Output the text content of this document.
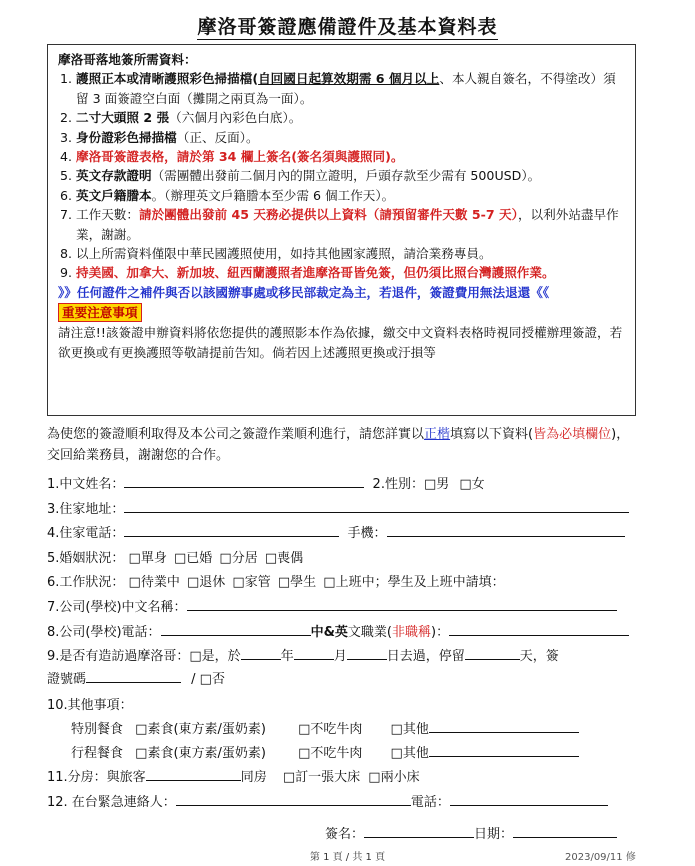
摩洛哥簽證應備證件及基本資料表
摩洛哥落地簽所需資料：
1. 護照正本或清晰護照彩色掃描檔(自回國日起算效期需 6 個月以上、本人親自簽名，不得塗改）須留 3 面簽證空白面（攤開之兩頁為一面）。
2. 二寸大頭照 2 張（六個月內彩色白底）。
3. 身份證彩色掃描檔（正、反面）。
4. 摩洛哥簽證表格，請於第 34 欄上簽名(簽名須與護照同)。
5. 英文存款證明（需團體出發前二個月內的開立證明，戶頭存款至少需有 500USD）。
6. 英文戶籍謄本。（辦理英文戶籍謄本至少需 6 個工作天）。
7. 工作天數：請於團體出發前 45 天務必提供以上資料（請預留審件天數 5-7 天），以利外站盡早作業，謝謝。
8. 以上所需資料僅限中華民國護照使用，如持其他國家護照，請洽業務專員。
9. 持美國、加拿大、新加坡、紐西蘭護照者進摩洛哥皆免簽，但仍須比照台灣護照作業。
》》任何證件之補件與否以該國辦事處或移民部裁定為主，若退件，簽證費用無法退還《《
重要注意事項
請注意!!該簽證申辦資料將依您提供的護照影本作為依據，繳交中文資料表格時視同授權辦理簽證，若欲更換或有更換護照等敬請提前告知。倘若因上述護照更換或汙損等
為使您的簽證順利取得及本公司之簽證作業順利進行，請您詳實以正楷填寫以下資料(皆為必填欄位)，交回給業務員，謝謝您的合作。
1.中文姓名：	2.性別：□男 □女
3.住家地址：
4.住家電話：	手機：
5.婚姻狀況： □單身 □已婚 □分居 □喪偶
6.工作狀況： □待業中 □退休 □家管 □學生 □上班中；學生及上班中請填：
7.公司(學校)中文名稱：
8.公司(學校)電話：	中&英文職業(非職稱)：
9.是否有造訪過摩洛哥：□是，於	年	月	日去過，停留	天，簽
證號碼	/ □否
10.其他事項：
特別餐食 □素食(東方素/蛋奶素) □不吃牛肉 □其他
行程餐食 □素食(東方素/蛋奶素) □不吃牛肉 □其他
11.分房：與旅客	同房 □訂一張大床 □兩小床
12. 在台緊急連絡人：	電話：
簽名：	日期：
第 1 頁 / 共 1 頁	2023/09/11 修
